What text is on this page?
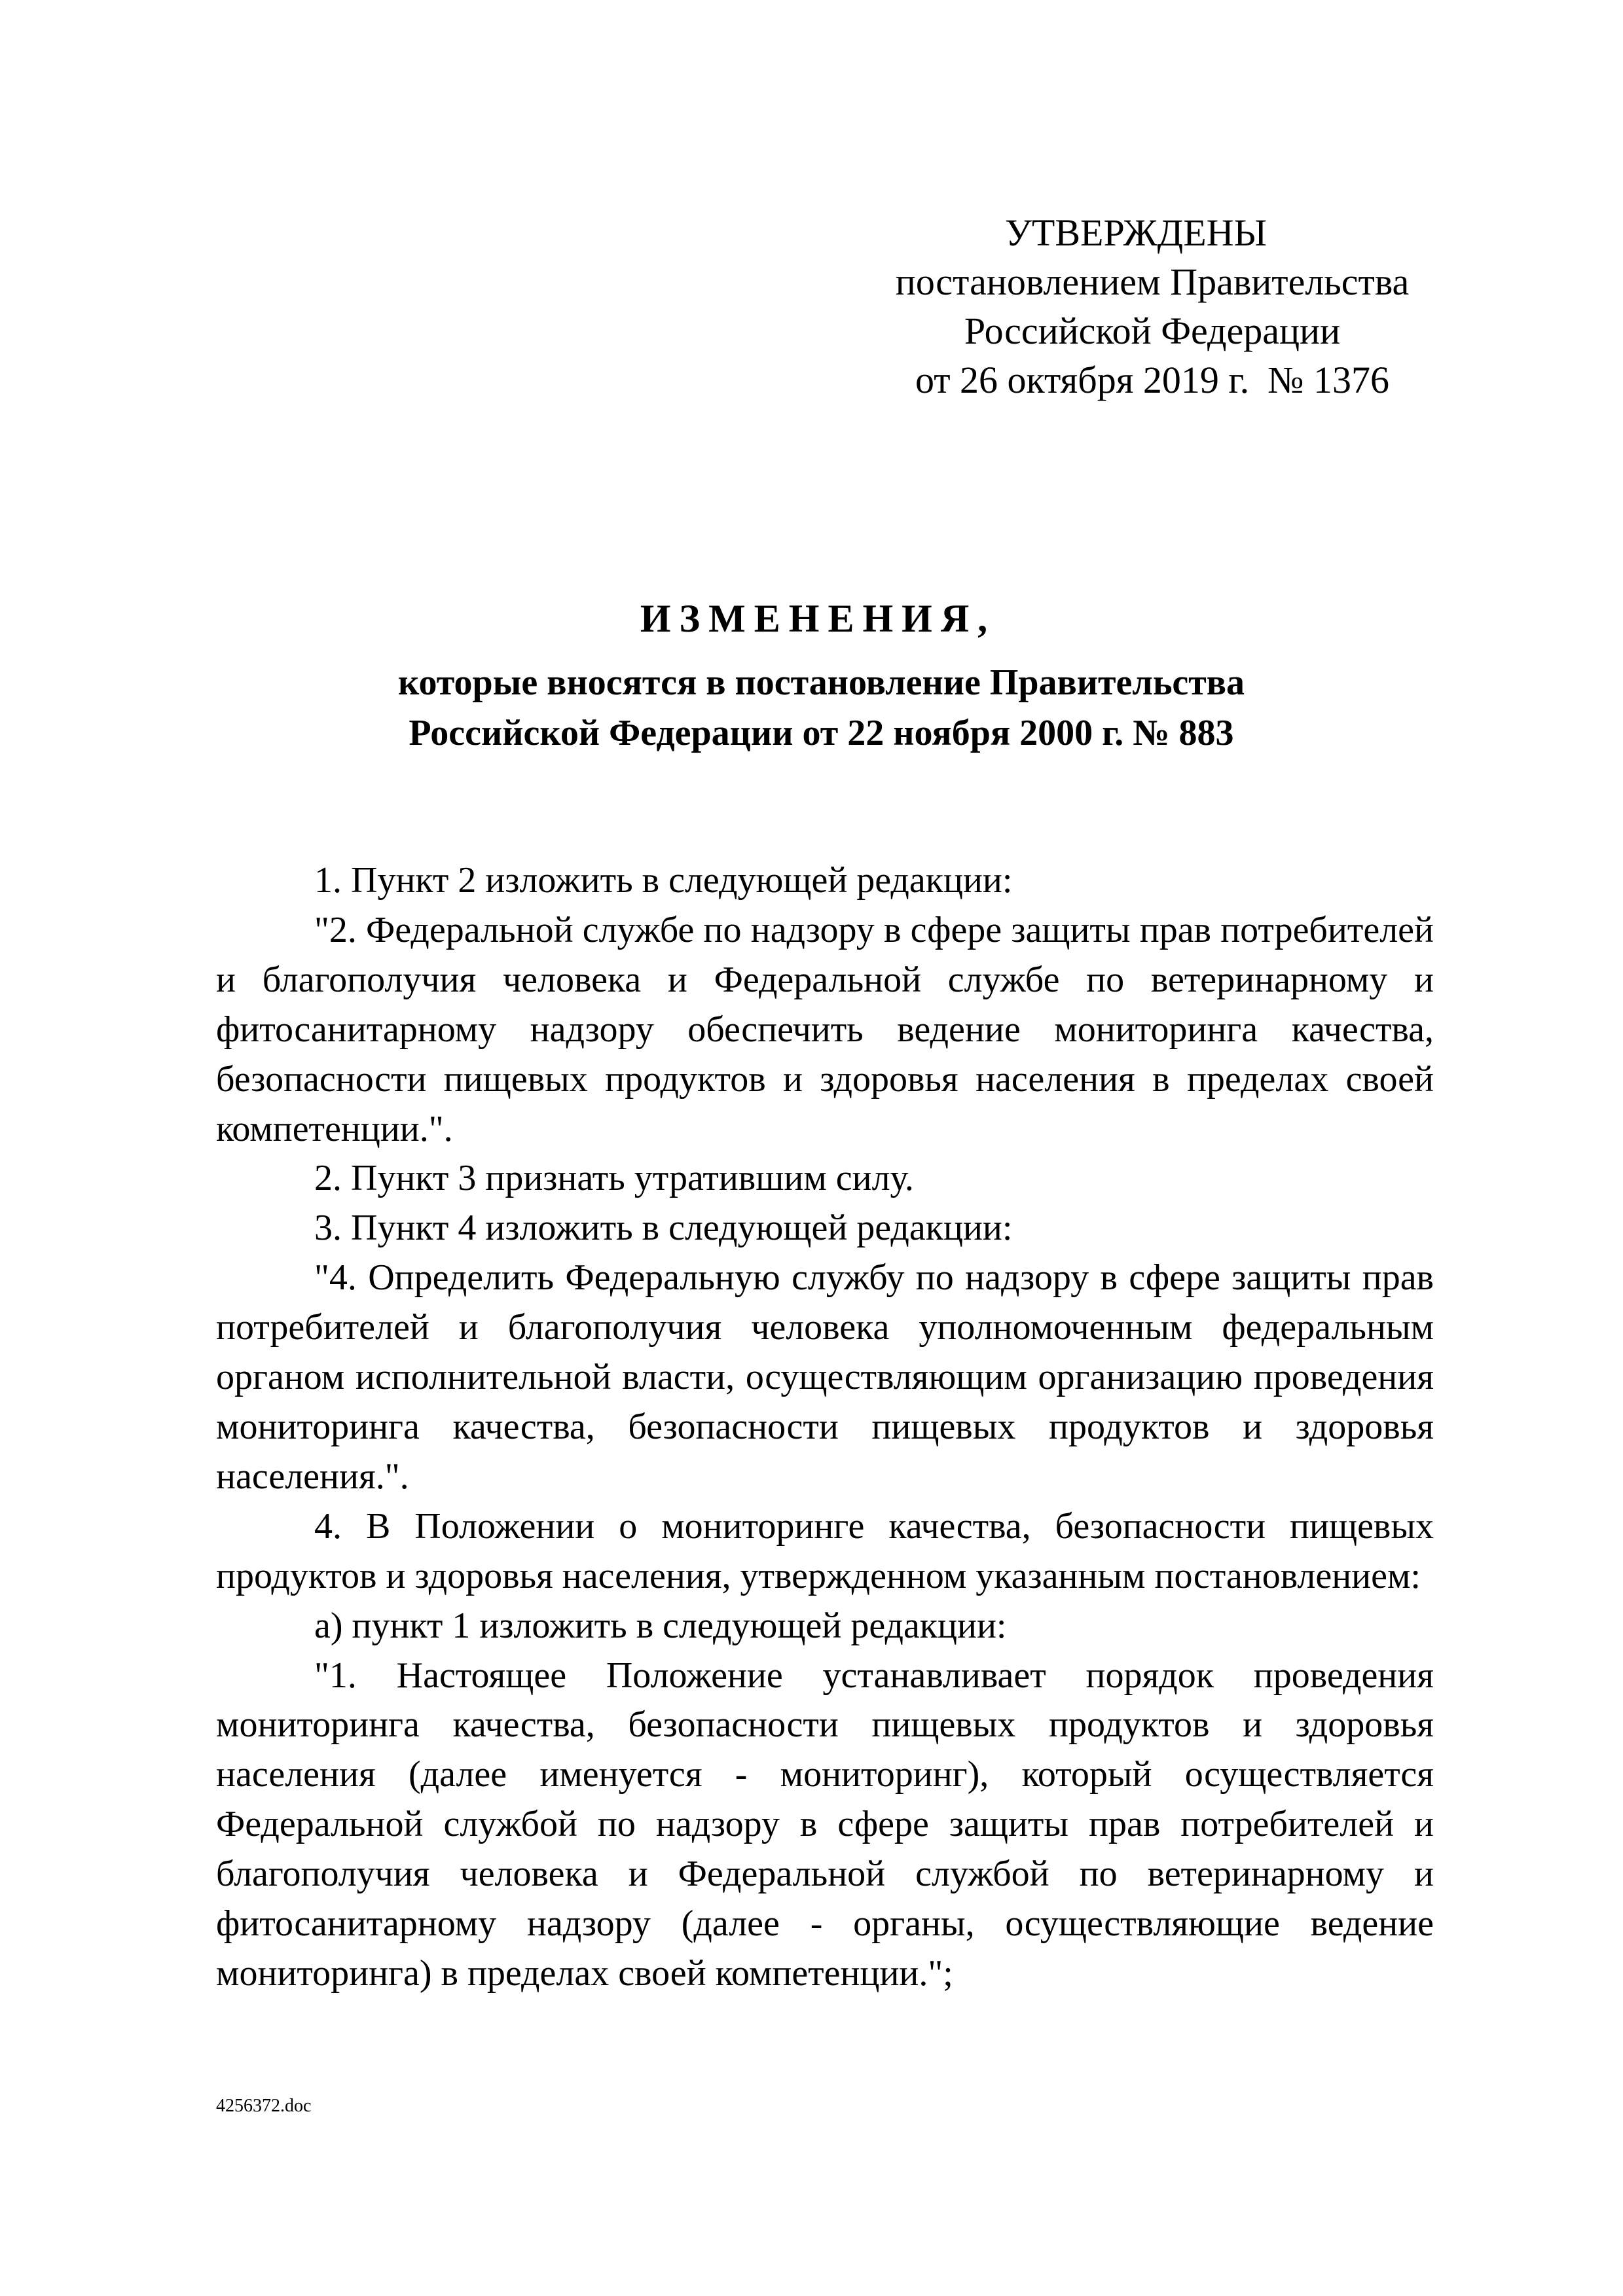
УТВЕРЖДЕНЫ
постановлением Правительства
Российской Федерации
от 26 октября 2019 г. № 1376
ИЗМЕНЕНИЯ,
которые вносятся в постановление Правительства
Российской Федерации от 22 ноября 2000 г. № 883

1. Пункт 2 изложить в следующей редакции:

"2. Федеральной службе по надзору в сфере защиты прав потребителей и благополучия человека и Федеральной службе по ветеринарному и фитосанитарному надзору обеспечить ведение мониторинга качества, безопасности пищевых продуктов и здоровья населения в пределах своей компетенции.".

2. Пункт 3 признать утратившим силу.

3. Пункт 4 изложить в следующей редакции:

"4. Определить Федеральную службу по надзору в сфере защиты прав потребителей и благополучия человека уполномоченным федеральным органом исполнительной власти, осуществляющим организацию проведения мониторинга качества, безопасности пищевых продуктов и здоровья населения.".

4. В Положении о мониторинге качества, безопасности пищевых продуктов и здоровья населения, утвержденном указанным постановлением:

а) пункт 1 изложить в следующей редакции:

"1. Настоящее Положение устанавливает порядок проведения мониторинга качества, безопасности пищевых продуктов и здоровья населения (далее именуется - мониторинг), который осуществляется Федеральной службой по надзору в сфере защиты прав потребителей и благополучия человека и Федеральной службой по ветеринарному и фитосанитарному надзору (далее - органы, осуществляющие ведение мониторинга) в пределах своей компетенции.";

4256372.doc
